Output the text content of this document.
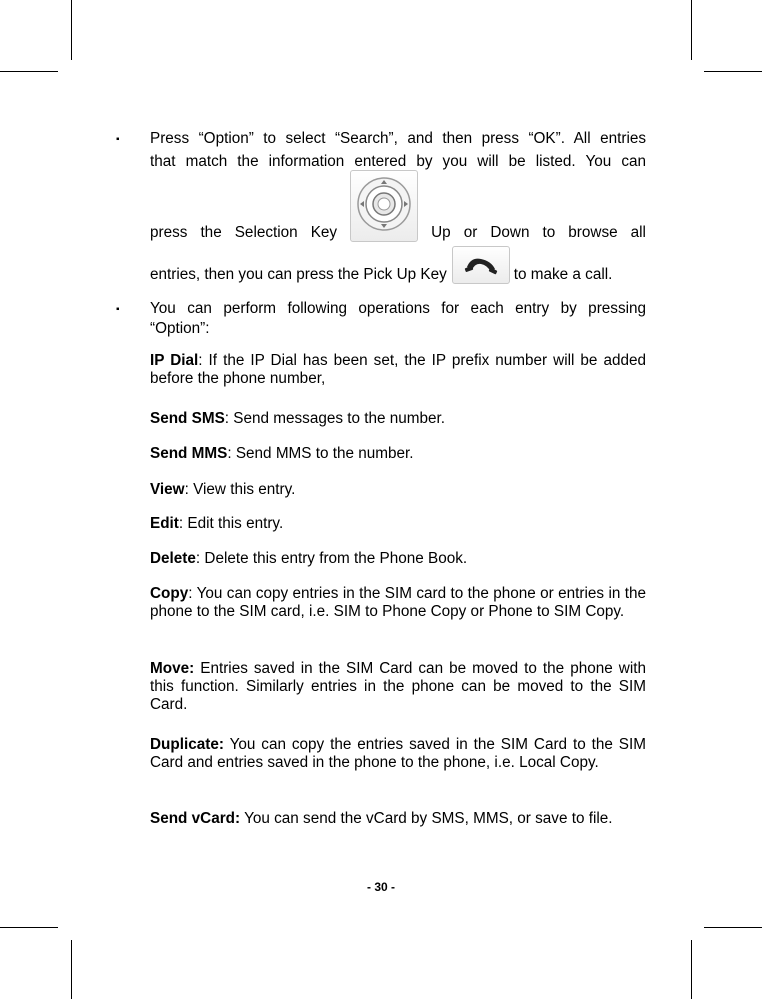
▪ Press “Option” to select “Search”, and then press “OK”. All entries
that match the information entered by you will be listed. You can
press the Selection Key	Up or Down to browse all
entries, then you can press the Pick Up Key	to make a call.
▪ You can perform following operations for each entry by pressing
“Option”:

IP Dial: If the IP Dial has been set, the IP prefix number will be added before the phone number,

Send SMS: Send messages to the number.

Send MMS: Send MMS to the number.

View: View this entry.

Edit: Edit this entry.

Delete: Delete this entry from the Phone Book.

Copy: You can copy entries in the SIM card to the phone or entries in the phone to the SIM card, i.e. SIM to Phone Copy or Phone to SIM Copy.

Move: Entries saved in the SIM Card can be moved to the phone with this function. Similarly entries in the phone can be moved to the SIM Card.

Duplicate: You can copy the entries saved in the SIM Card to the SIM Card and entries saved in the phone to the phone, i.e. Local Copy.

Send vCard: You can send the vCard by SMS, MMS, or save to file.

- 30 -
